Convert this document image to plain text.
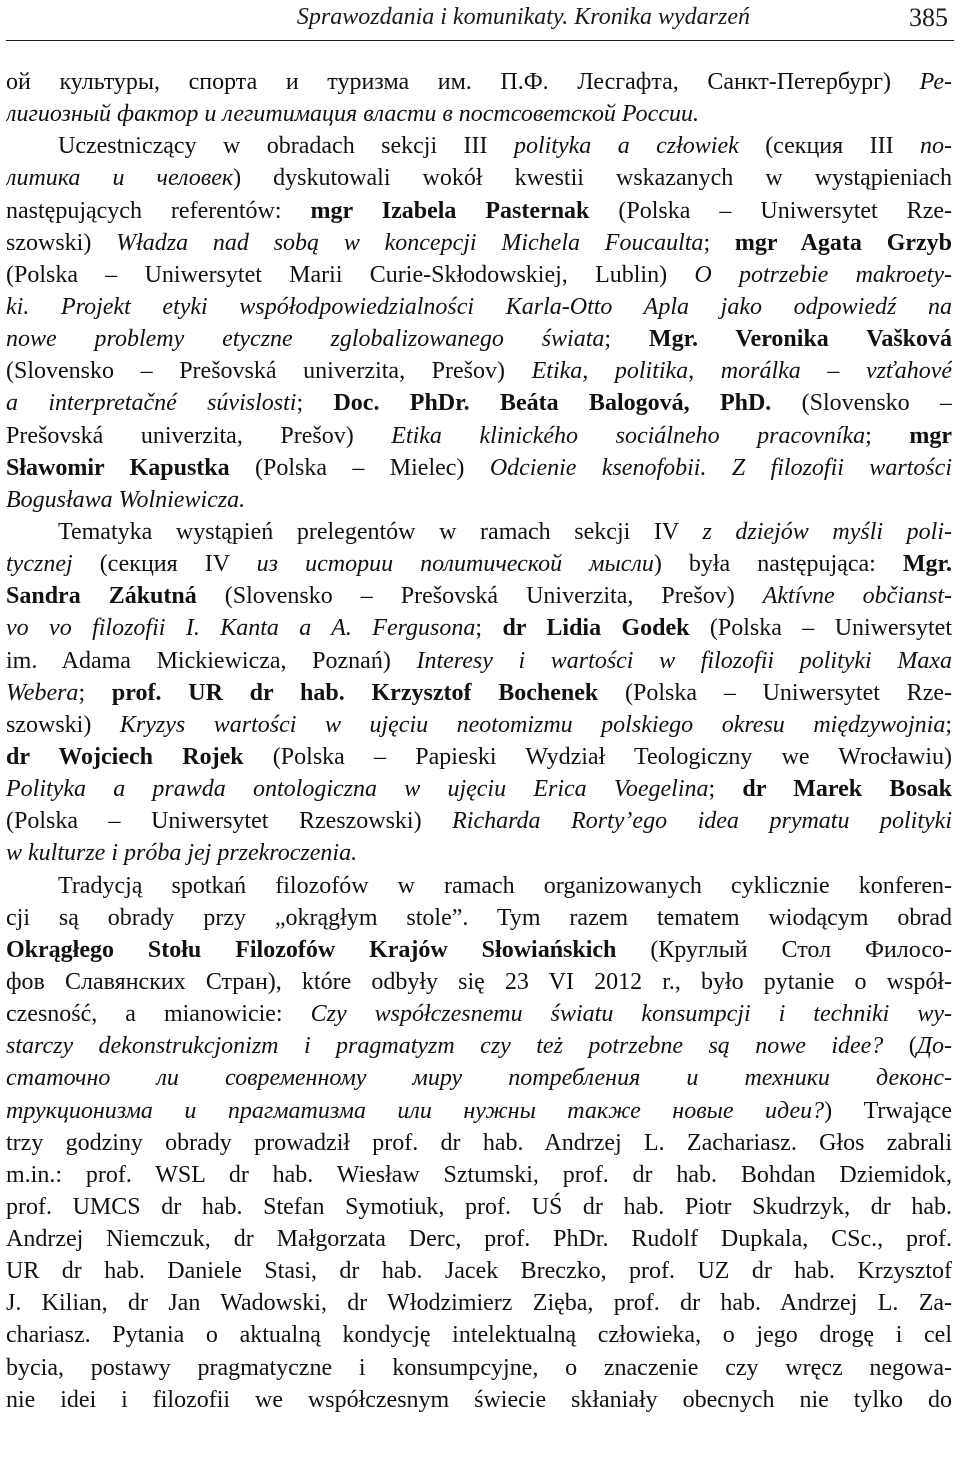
Sprawozdania i komunikaty. Kronika wydarzeń	385
ой культуры, спорта и туризма им. П.Ф. Лесгафта, Санкт-Петербург) Ре-
лигиозный фактор и легитимация власти в постсоветской России.
Uczestniczący w obradach sekcji III polityka a człowiek (секция III по-
литика и человек) dyskutowali wokół kwestii wskazanych w wystąpieniach
następujących referentów: mgr Izabela Pasternak (Polska – Uniwersytet Rze-
szowski) Władza nad sobą w koncepcji Michela Foucaulta; mgr Agata Grzyb
(Polska – Uniwersytet Marii Curie-Skłodowskiej, Lublin) O potrzebie makroety-
ki. Projekt etyki współodpowiedzialności Karla-Otto Apla jako odpowiedź na
nowe problemy etyczne zglobalizowanego świata; Mgr. Veronika Vašková
(Slovensko – Prešovská univerzita, Prešov) Etika, politika, morálka – vzťahové
a interpretačné súvislosti; Doc. PhDr. Beáta Balogová, PhD. (Slovensko –
Prešovská univerzita, Prešov) Etika klinického sociálneho pracovníka; mgr
Sławomir Kapustka (Polska – Mielec) Odcienie ksenofobii. Z filozofii wartości
Bogusława Wolniewicza.
Tematyka wystąpień prelegentów w ramach sekcji IV z dziejów myśli poli-
tycznej (секция IV из истории политической мысли) była następująca: Mgr.
Sandra Zákutná (Slovensko – Prešovská Univerzita, Prešov) Aktívne občianst-
vo vo filozofii I. Kanta a A. Fergusona; dr Lidia Godek (Polska – Uniwersytet
im. Adama Mickiewicza, Poznań) Interesy i wartości w filozofii polityki Maxa
Webera; prof. UR dr hab. Krzysztof Bochenek (Polska – Uniwersytet Rze-
szowski) Kryzys wartości w ujęciu neotomizmu polskiego okresu międzywojnia;
dr Wojciech Rojek (Polska – Papieski Wydział Teologiczny we Wrocławiu)
Polityka a prawda ontologiczna w ujęciu Erica Voegelina; dr Marek Bosak
(Polska – Uniwersytet Rzeszowski) Richarda Rorty’ego idea prymatu polityki
w kulturze i próba jej przekroczenia.
Tradycją spotkań filozofów w ramach organizowanych cyklicznie konferen-
cji są obrady przy „okrągłym stole”. Tym razem tematem wiodącym obrad
Okrągłego Stołu Filozofów Krajów Słowiańskich (Круглый Стол Филосо-
фов Славянских Стран), które odbyły się 23 VI 2012 r., było pytanie o współ-
czesność, a mianowicie: Czy współczesnemu światu konsumpcji i techniki wy-
starczy dekonstrukcjonizm i pragmatyzm czy też potrzebne są nowe idee? (До-
статочно ли современному миру потребления и техники деконс-
трукционизма и прагматизма или нужны также новые идеи?) Trwające
trzy godziny obrady prowadził prof. dr hab. Andrzej L. Zachariasz. Głos zabrali
m.in.: prof. WSL dr hab. Wiesław Sztumski, prof. dr hab. Bohdan Dziemidok,
prof. UMCS dr hab. Stefan Symotiuk, prof. UŚ dr hab. Piotr Skudrzyk, dr hab.
Andrzej Niemczuk, dr Małgorzata Derc, prof. PhDr. Rudolf Dupkala, CSc., prof.
UR dr hab. Daniele Stasi, dr hab. Jacek Breczko, prof. UZ dr hab. Krzysztof
J. Kilian, dr Jan Wadowski, dr Włodzimierz Zięba, prof. dr hab. Andrzej L. Za-
chariasz. Pytania o aktualną kondycję intelektualną człowieka, o jego drogę i cel
bycia, postawy pragmatyczne i konsumpcyjne, o znaczenie czy wręcz negowa-
nie idei i filozofii we współczesnym świecie skłaniały obecnych nie tylko do
